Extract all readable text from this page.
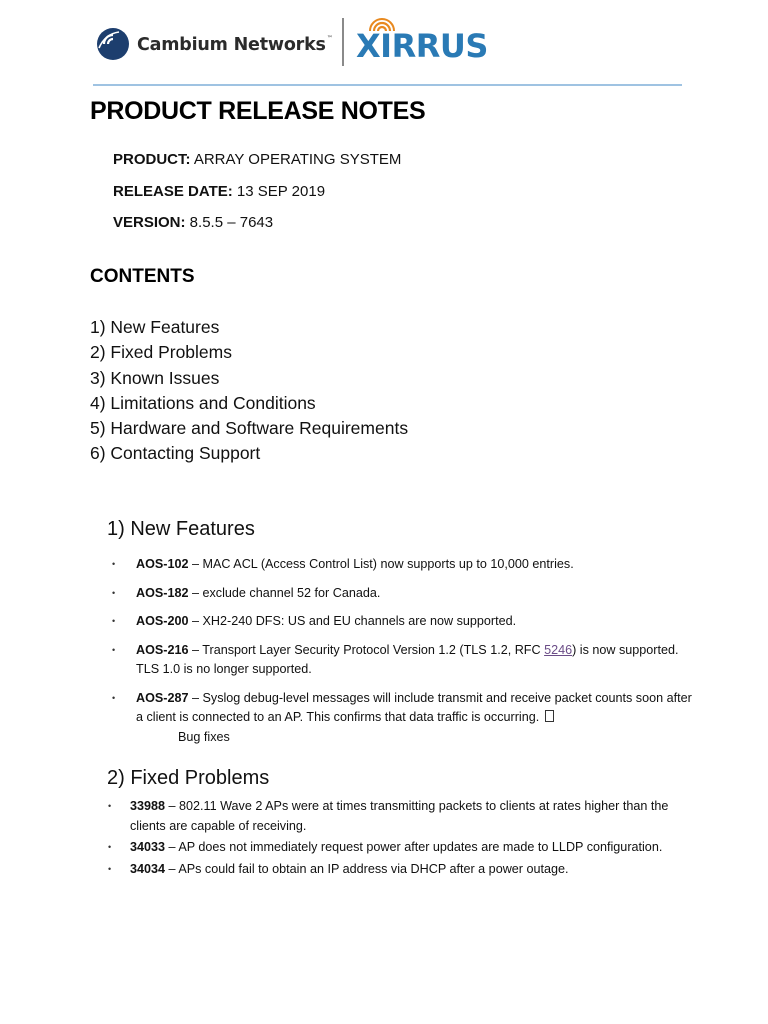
Cambium Networks™ XIRRUS
PRODUCT RELEASE NOTES
PRODUCT: ARRAY OPERATING SYSTEM
RELEASE DATE: 13 SEP 2019
VERSION: 8.5.5 – 7643
CONTENTS
1) New Features
2) Fixed Problems
3) Known Issues
4) Limitations and Conditions
5) Hardware and Software Requirements
6) Contacting Support
1) New Features
• AOS-102 – MAC ACL (Access Control List) now supports up to 10,000 entries.
• AOS-182 – exclude channel 52 for Canada.
• AOS-200 – XH2-240 DFS: US and EU channels are now supported.
• AOS-216 – Transport Layer Security Protocol Version 1.2 (TLS 1.2, RFC 5246) is now supported. TLS 1.0 is no longer supported.
• AOS-287 – Syslog debug-level messages will include transmit and receive packet counts soon after a client is connected to an AP. This confirms that data traffic is occurring.
Bug fixes
2) Fixed Problems
• 33988 – 802.11 Wave 2 APs were at times transmitting packets to clients at rates higher than the clients are capable of receiving.
• 34033 – AP does not immediately request power after updates are made to LLDP configuration.
• 34034 – APs could fail to obtain an IP address via DHCP after a power outage.
